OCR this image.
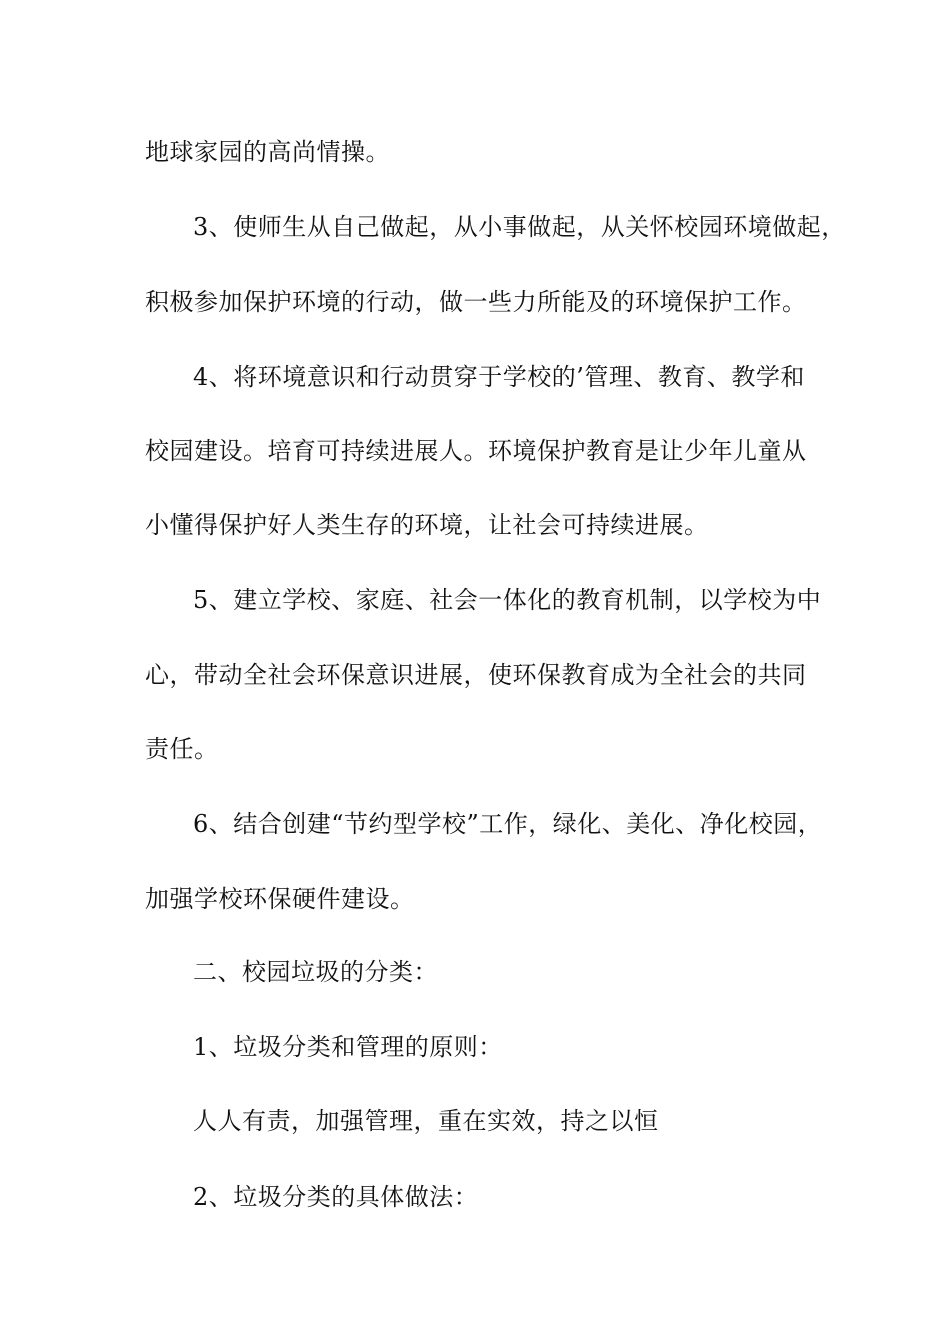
地球家园的高尚情操。
3、使师生从自己做起，从小事做起，从关怀校园环境做起，
积极参加保护环境的行动，做一些力所能及的环境保护工作。
4、将环境意识和行动贯穿于学校的’管理、教育、教学和
校园建设。培育可持续进展人。环境保护教育是让少年儿童从
小懂得保护好人类生存的环境，让社会可持续进展。
5、建立学校、家庭、社会一体化的教育机制，以学校为中
心，带动全社会环保意识进展，使环保教育成为全社会的共同
责任。
6、结合创建“节约型学校”工作，绿化、美化、净化校园，
加强学校环保硬件建设。
二、校园垃圾的分类：
1、垃圾分类和管理的原则：
人人有责，加强管理，重在实效，持之以恒
2、垃圾分类的具体做法：
